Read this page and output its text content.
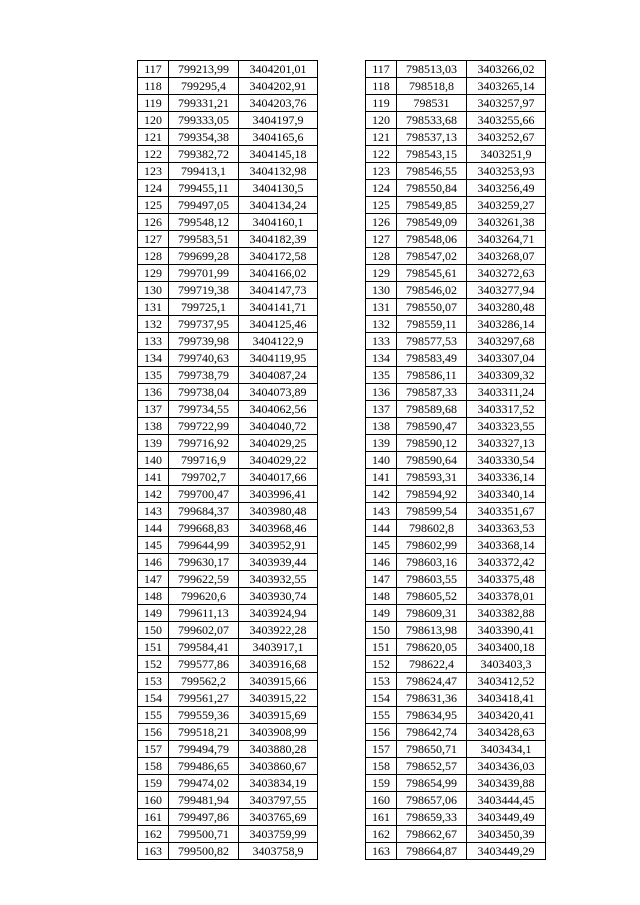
117	799213,99	3404201,01
118	799295,4	3404202,91
119	799331,21	3404203,76
120	799333,05	3404197,9
121	799354,38	3404165,6
122	799382,72	3404145,18
123	799413,1	3404132,98
124	799455,11	3404130,5
125	799497,05	3404134,24
126	799548,12	3404160,1
127	799583,51	3404182,39
128	799699,28	3404172,58
129	799701,99	3404166,02
130	799719,38	3404147,73
131	799725,1	3404141,71
132	799737,95	3404125,46
133	799739,98	3404122,9
134	799740,63	3404119,95
135	799738,79	3404087,24
136	799738,04	3404073,89
137	799734,55	3404062,56
138	799722,99	3404040,72
139	799716,92	3404029,25
140	799716,9	3404029,22
141	799702,7	3404017,66
142	799700,47	3403996,41
143	799684,37	3403980,48
144	799668,83	3403968,46
145	799644,99	3403952,91
146	799630,17	3403939,44
147	799622,59	3403932,55
148	799620,6	3403930,74
149	799611,13	3403924,94
150	799602,07	3403922,28
151	799584,41	3403917,1
152	799577,86	3403916,68
153	799562,2	3403915,66
154	799561,27	3403915,22
155	799559,36	3403915,69
156	799518,21	3403908,99
157	799494,79	3403880,28
158	799486,65	3403860,67
159	799474,02	3403834,19
160	799481,94	3403797,55
161	799497,86	3403765,69
162	799500,71	3403759,99
163	799500,82	3403758,9

117	798513,03	3403266,02
118	798518,8	3403265,14
119	798531	3403257,97
120	798533,68	3403255,66
121	798537,13	3403252,67
122	798543,15	3403251,9
123	798546,55	3403253,93
124	798550,84	3403256,49
125	798549,85	3403259,27
126	798549,09	3403261,38
127	798548,06	3403264,71
128	798547,02	3403268,07
129	798545,61	3403272,63
130	798546,02	3403277,94
131	798550,07	3403280,48
132	798559,11	3403286,14
133	798577,53	3403297,68
134	798583,49	3403307,04
135	798586,11	3403309,32
136	798587,33	3403311,24
137	798589,68	3403317,52
138	798590,47	3403323,55
139	798590,12	3403327,13
140	798590,64	3403330,54
141	798593,31	3403336,14
142	798594,92	3403340,14
143	798599,54	3403351,67
144	798602,8	3403363,53
145	798602,99	3403368,14
146	798603,16	3403372,42
147	798603,55	3403375,48
148	798605,52	3403378,01
149	798609,31	3403382,88
150	798613,98	3403390,41
151	798620,05	3403400,18
152	798622,4	3403403,3
153	798624,47	3403412,52
154	798631,36	3403418,41
155	798634,95	3403420,41
156	798642,74	3403428,63
157	798650,71	3403434,1
158	798652,57	3403436,03
159	798654,99	3403439,88
160	798657,06	3403444,45
161	798659,33	3403449,49
162	798662,67	3403450,39
163	798664,87	3403449,29
